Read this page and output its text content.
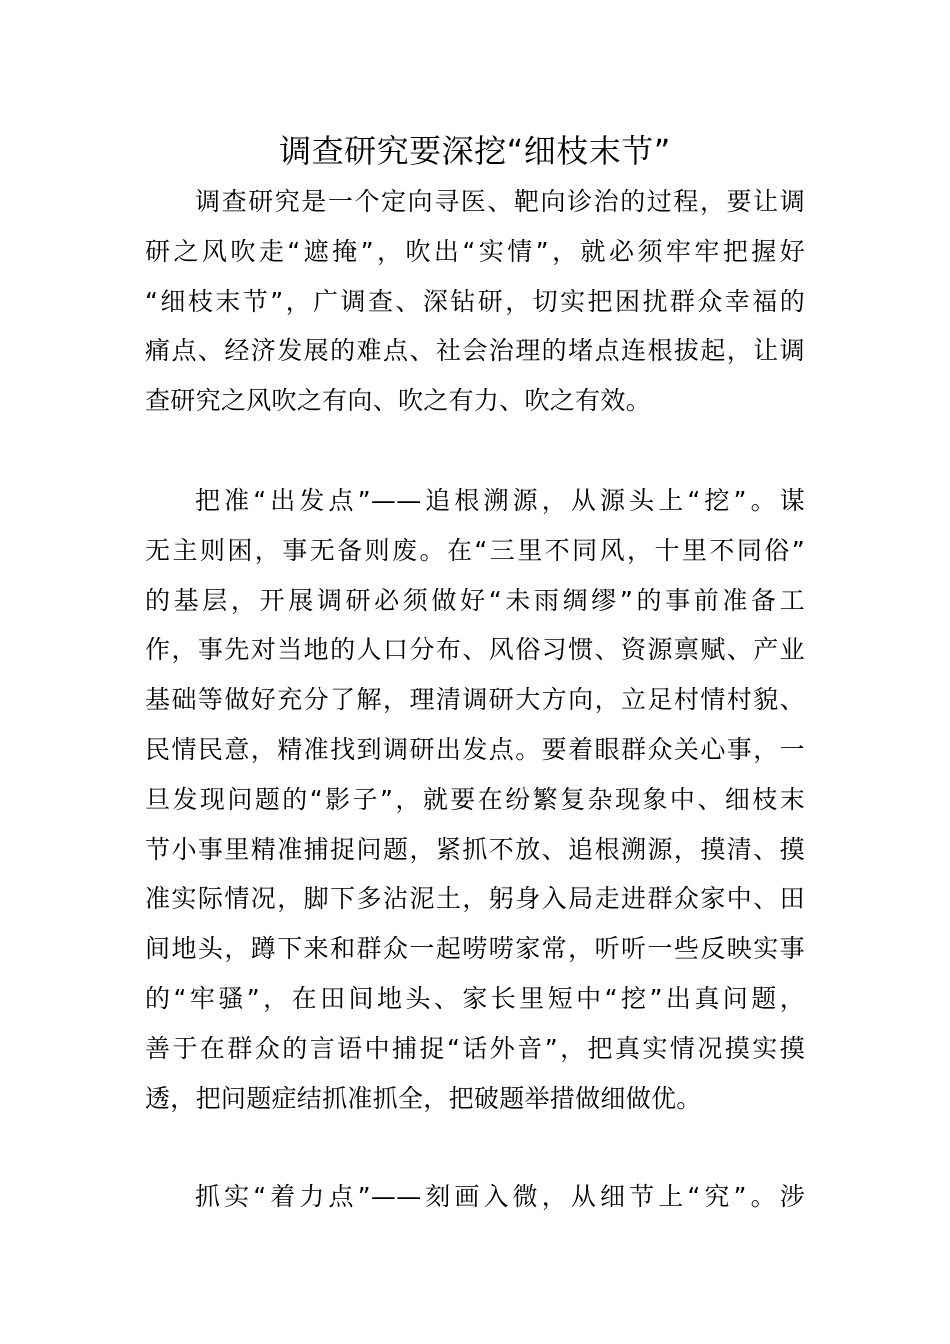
调查研究要深挖“细枝末节”
调查研究是一个定向寻医、靶向诊治的过程，要让调
研之风吹走“遮掩”，吹出“实情”，就必须牢牢把握好
“细枝末节”，广调查、深钻研，切实把困扰群众幸福的
痛点、经济发展的难点、社会治理的堵点连根拔起，让调
查研究之风吹之有向、吹之有力、吹之有效。
把准“出发点”——追根溯源，从源头上“挖”。谋
无主则困，事无备则废。在“三里不同风，十里不同俗”
的基层，开展调研必须做好“未雨绸缪”的事前准备工
作，事先对当地的人口分布、风俗习惯、资源禀赋、产业
基础等做好充分了解，理清调研大方向，立足村情村貌、
民情民意，精准找到调研出发点。要着眼群众关心事，一
旦发现问题的“影子”，就要在纷繁复杂现象中、细枝末
节小事里精准捕捉问题，紧抓不放、追根溯源，摸清、摸
准实际情况，脚下多沾泥土，躬身入局走进群众家中、田
间地头，蹲下来和群众一起唠唠家常，听听一些反映实事
的“牢骚”，在田间地头、家长里短中“挖”出真问题，
善于在群众的言语中捕捉“话外音”，把真实情况摸实摸
透，把问题症结抓准抓全，把破题举措做细做优。
抓实“着力点”——刻画入微，从细节上“究”。涉
